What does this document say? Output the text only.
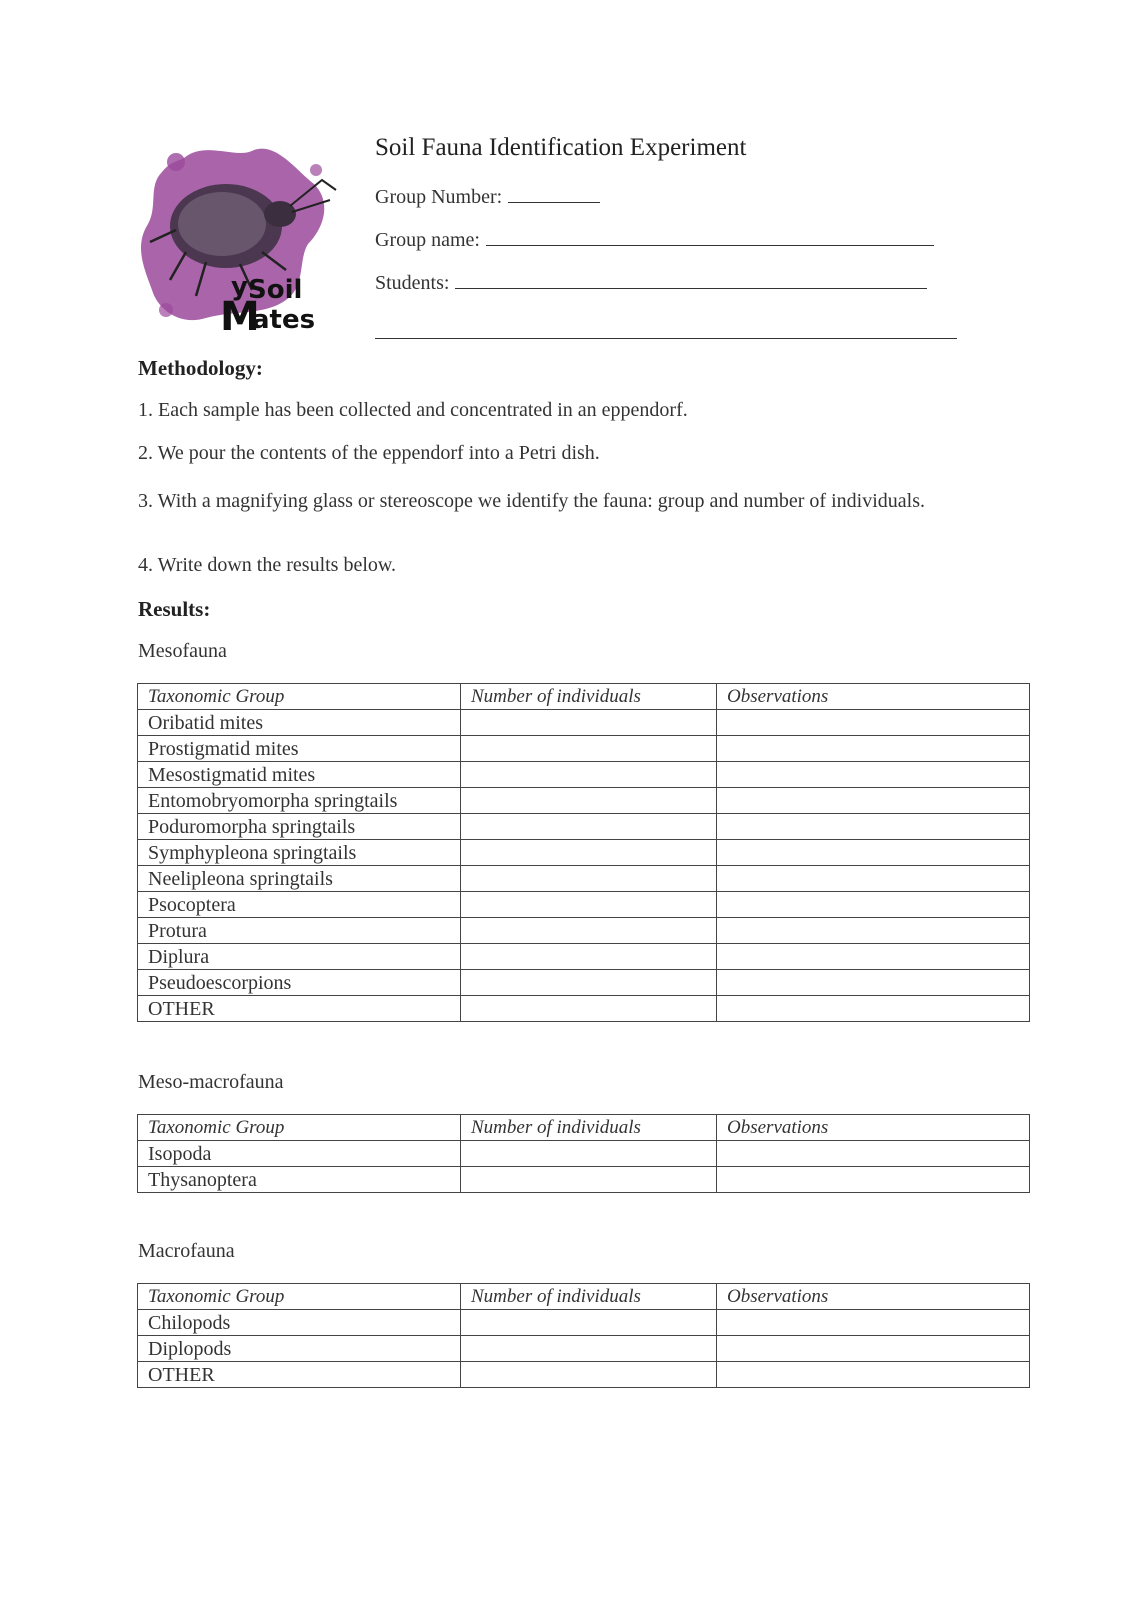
y Soil
M
ates
Soil Fauna Identification Experiment
Group Number:
Group name:
Students:
Methodology:
1. Each sample has been collected and concentrated in an eppendorf.
2. We pour the contents of the eppendorf into a Petri dish.
3. With a magnifying glass or stereoscope we identify the fauna: group and number of individuals.
4. Write down the results below.
Results:
Mesofauna
Taxonomic Group	Number of individuals	Observations
Oribatid mites		
Prostigmatid mites		
Mesostigmatid mites		
Entomobryomorpha springtails		
Poduromorpha springtails		
Symphypleona springtails		
Neelipleona springtails		
Psocoptera		
Protura		
Diplura		
Pseudoescorpions		
OTHER		
Meso-macrofauna
Taxonomic Group	Number of individuals	Observations
Isopoda		
Thysanoptera		
Macrofauna
Taxonomic Group	Number of individuals	Observations
Chilopods		
Diplopods		
OTHER		
